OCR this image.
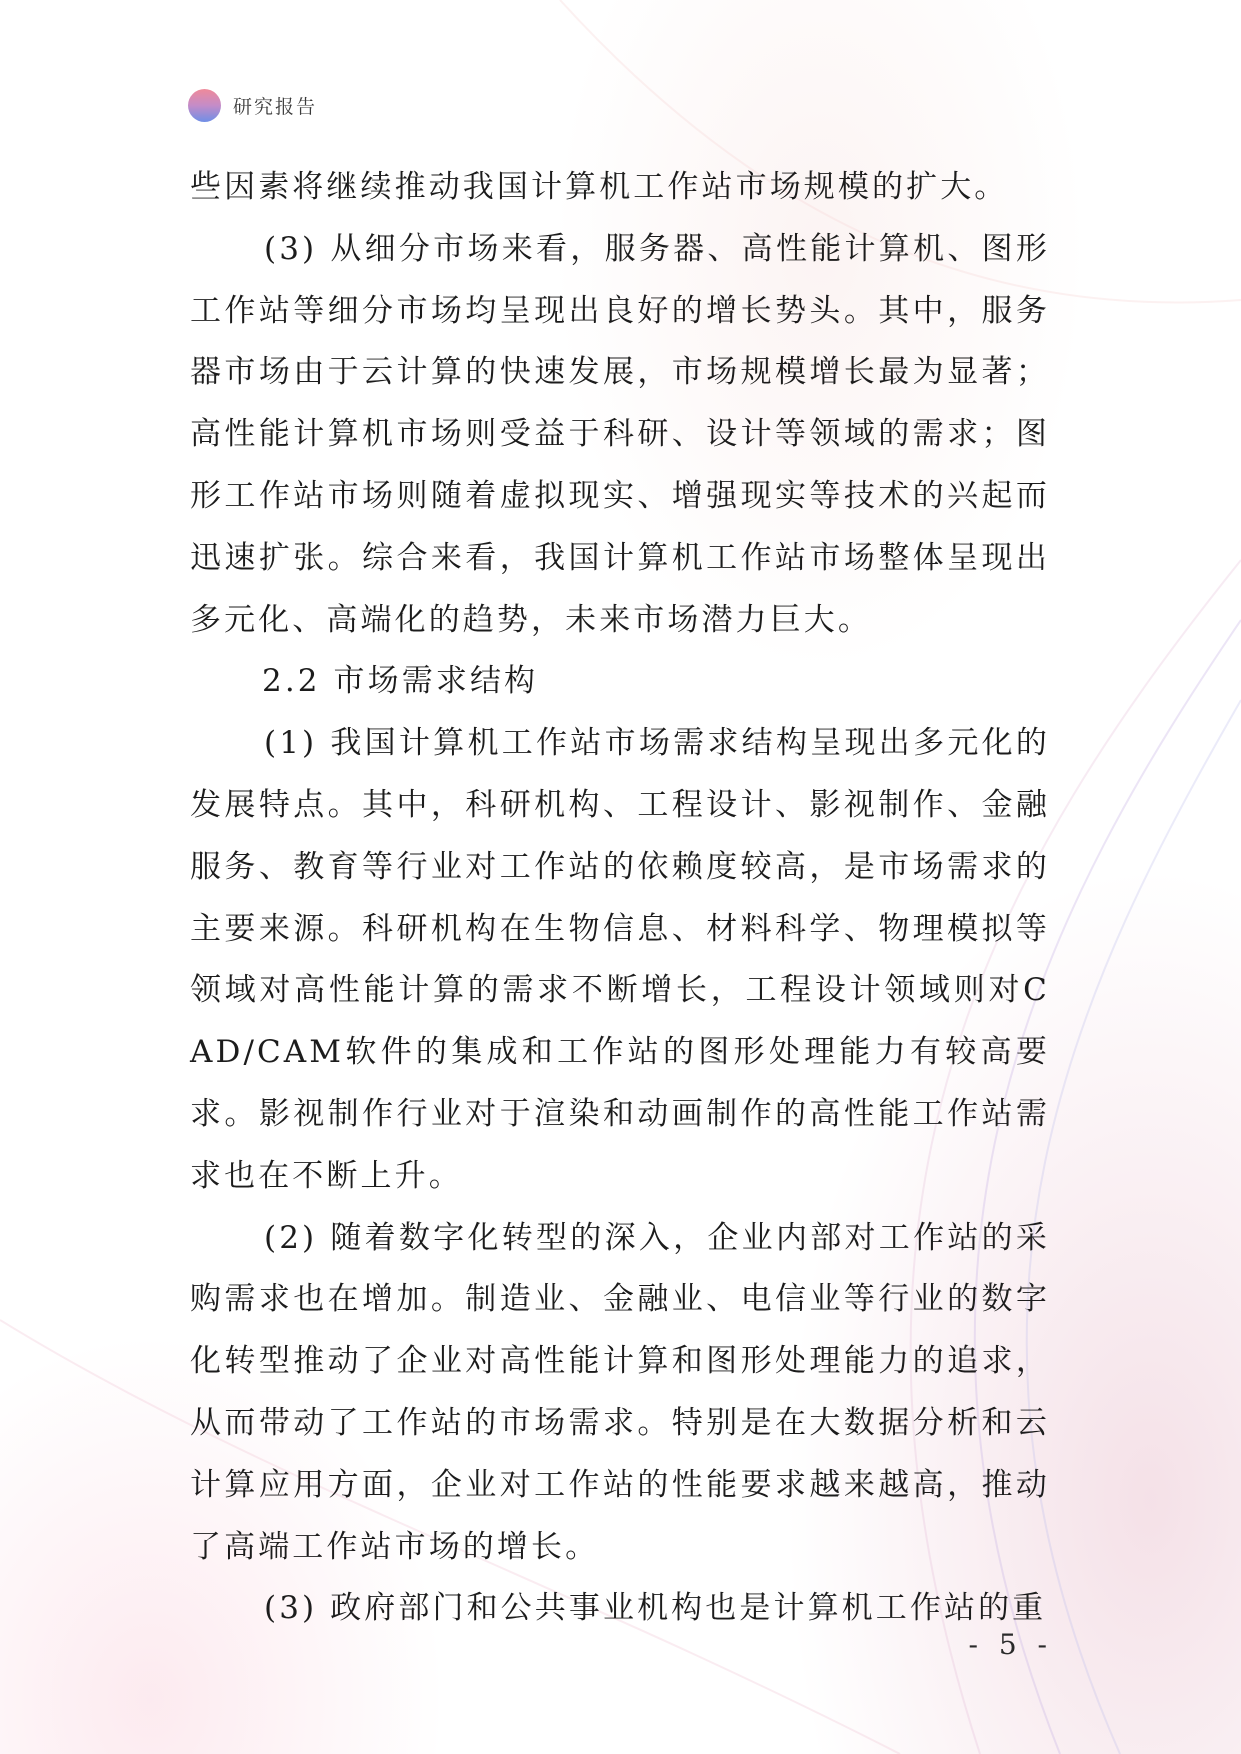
研究报告

些因素将继续推动我国计算机工作站市场规模的扩大。

(3) 从细分市场来看，服务器、高性能计算机、图形工作站等细分市场均呈现出良好的增长势头。其中，服务器市场由于云计算的快速发展，市场规模增长最为显著；高性能计算机市场则受益于科研、设计等领域的需求；图形工作站市场则随着虚拟现实、增强现实等技术的兴起而迅速扩张。综合来看，我国计算机工作站市场整体呈现出多元化、高端化的趋势，未来市场潜力巨大。

2.2 市场需求结构

(1) 我国计算机工作站市场需求结构呈现出多元化的发展特点。其中，科研机构、工程设计、影视制作、金融服务、教育等行业对工作站的依赖度较高，是市场需求的主要来源。科研机构在生物信息、材料科学、物理模拟等领域对高性能计算的需求不断增长，工程设计领域则对CAD/CAM软件的集成和工作站的图形处理能力有较高要求。影视制作行业对于渲染和动画制作的高性能工作站需求也在不断上升。

(2) 随着数字化转型的深入，企业内部对工作站的采购需求也在增加。制造业、金融业、电信业等行业的数字化转型推动了企业对高性能计算和图形处理能力的追求，从而带动了工作站的市场需求。特别是在大数据分析和云计算应用方面，企业对工作站的性能要求越来越高，推动了高端工作站市场的增长。

(3) 政府部门和公共事业机构也是计算机工作站的重

- 5 -
